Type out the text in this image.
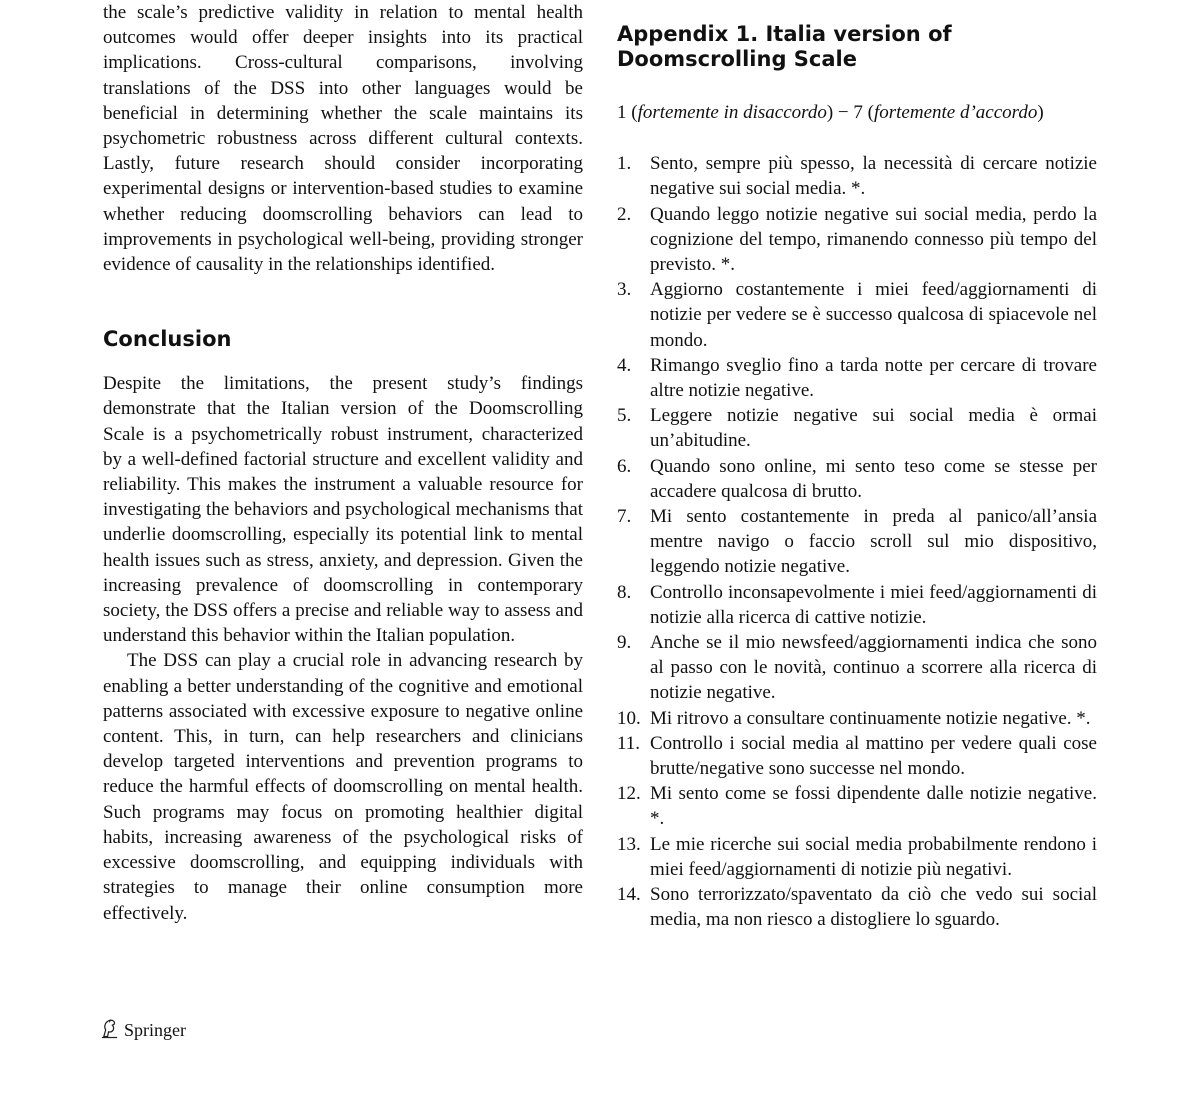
the scale’s predictive validity in relation to mental health outcomes would offer deeper insights into its practical implications. Cross-cultural comparisons, involving translations of the DSS into other languages would be beneficial in determining whether the scale maintains its psychometric robustness across different cultural contexts. Lastly, future research should consider incorporating experimental designs or intervention-based studies to examine whether reducing doomscrolling behaviors can lead to improvements in psychological well-being, providing stronger evidence of causality in the relationships identified.

Conclusion

Despite the limitations, the present study’s findings demonstrate that the Italian version of the Doomscrolling Scale is a psychometrically robust instrument, characterized by a well-defined factorial structure and excellent validity and reliability. This makes the instrument a valuable resource for investigating the behaviors and psychological mechanisms that underlie doomscrolling, especially its potential link to mental health issues such as stress, anxiety, and depression. Given the increasing prevalence of doomscrolling in contemporary society, the DSS offers a precise and reliable way to assess and understand this behavior within the Italian population.

The DSS can play a crucial role in advancing research by enabling a better understanding of the cognitive and emotional patterns associated with excessive exposure to negative online content. This, in turn, can help researchers and clinicians develop targeted interventions and prevention programs to reduce the harmful effects of doomscrolling on mental health. Such programs may focus on promoting healthier digital habits, increasing awareness of the psychological risks of excessive doomscrolling, and equipping individuals with strategies to manage their online consumption more effectively.

Appendix 1. Italia version of Doomscrolling Scale

1 (fortemente in disaccordo) − 7 (fortemente d’accordo)

1. Sento, sempre più spesso, la necessità di cercare notizie negative sui social media. *.
2. Quando leggo notizie negative sui social media, perdo la cognizione del tempo, rimanendo connesso più tempo del previsto. *.
3. Aggiorno costantemente i miei feed/aggiornamenti di notizie per vedere se è successo qualcosa di spiacevole nel mondo.
4. Rimango sveglio fino a tarda notte per cercare di trovare altre notizie negative.
5. Leggere notizie negative sui social media è ormai un’abitudine.
6. Quando sono online, mi sento teso come se stesse per accadere qualcosa di brutto.
7. Mi sento costantemente in preda al panico/all’ansia mentre navigo o faccio scroll sul mio dispositivo, leggendo notizie negative.
8. Controllo inconsapevolmente i miei feed/aggiornamenti di notizie alla ricerca di cattive notizie.
9. Anche se il mio newsfeed/aggiornamenti indica che sono al passo con le novità, continuo a scorrere alla ricerca di notizie negative.
10. Mi ritrovo a consultare continuamente notizie negative. *.
11. Controllo i social media al mattino per vedere quali cose brutte/negative sono successe nel mondo.
12. Mi sento come se fossi dipendente dalle notizie negative. *.
13. Le mie ricerche sui social media probabilmente rendono i miei feed/aggiornamenti di notizie più negativi.
14. Sono terrorizzato/spaventato da ciò che vedo sui social media, ma non riesco a distogliere lo sguardo.
Springer
